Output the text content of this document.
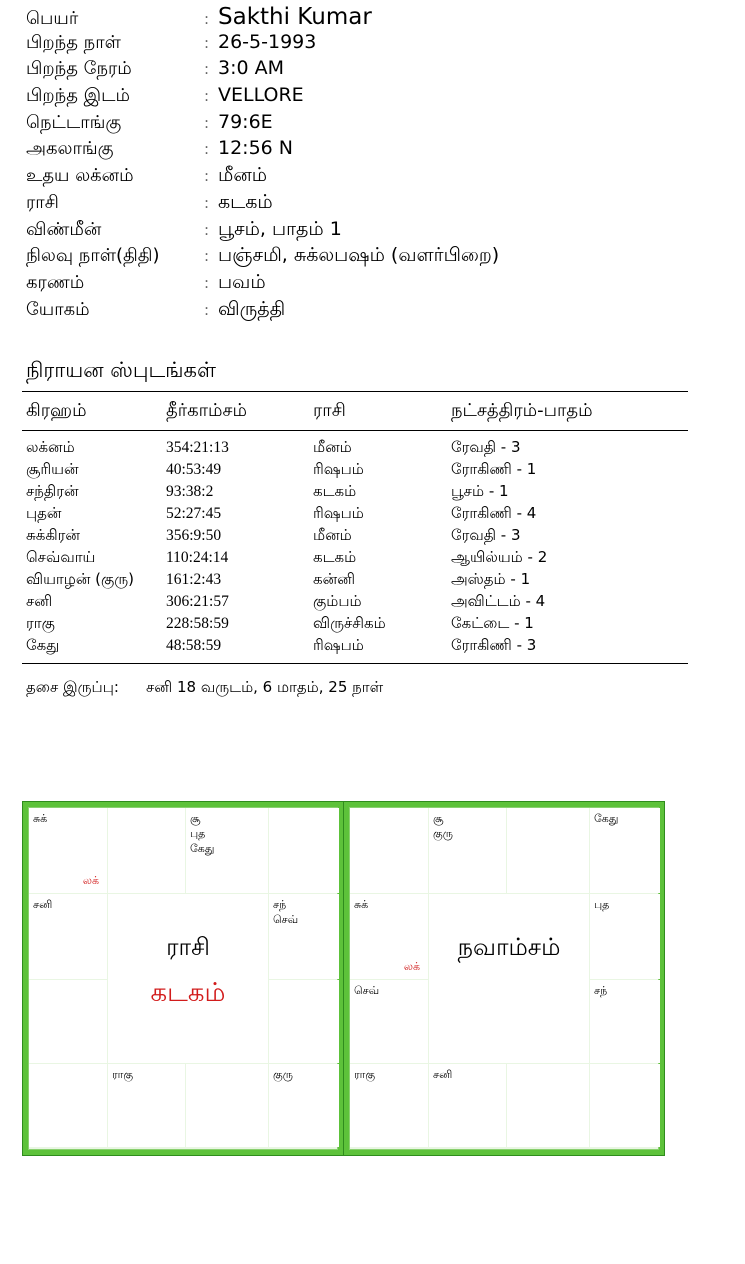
பெயர்	: Sakthi Kumar
பிறந்த நாள்	: 26-5-1993
பிறந்த நேரம்	: 3:0 AM
பிறந்த இடம்	: VELLORE
நெட்டாங்கு	: 79:6E
அகலாங்கு	: 12:56 N
உதய லக்னம்	: மீனம்
ராசி	: கடகம்
விண்மீன்	: பூசம், பாதம் 1
நிலவு நாள்(திதி)	: பஞ்சமி, சுக்லபஷம் (வளர்பிறை)
கரணம்	: பவம்
யோகம்	: விருத்தி
நிராயன ஸ்புடங்கள்
கிரஹம்	தீர்காம்சம்	ராசி	நட்சத்திரம்-பாதம்
லக்னம்	354:21:13	மீனம்	ரேவதி - 3
சூரியன்	40:53:49	ரிஷபம்	ரோகிணி - 1
சந்திரன்	93:38:2	கடகம்	பூசம் - 1
புதன்	52:27:45	ரிஷபம்	ரோகிணி - 4
சுக்கிரன்	356:9:50	மீனம்	ரேவதி - 3
செவ்வாய்	110:24:14	கடகம்	ஆயில்யம் - 2
வியாழன் (குரு)	161:2:43	கன்னி	அஸ்தம் - 1
சனி	306:21:57	கும்பம்	அவிட்டம் - 4
ராகு	228:58:59	விருச்சிகம்	கேட்டை - 1
கேது	48:58:59	ரிஷபம்	ரோகிணி - 3
தசை இருப்பு:	சனி 18 வருடம், 6 மாதம், 25 நாள்
சுக்
லக்
சூ
புத
கேது
சனி	சந்
செவ்
ராகு	குரு
ராசி
கடகம்
சூ
குரு
கேது
சுக்
லக்
புத
செவ்	சந்
ராகு	சனி
நவாம்சம்
